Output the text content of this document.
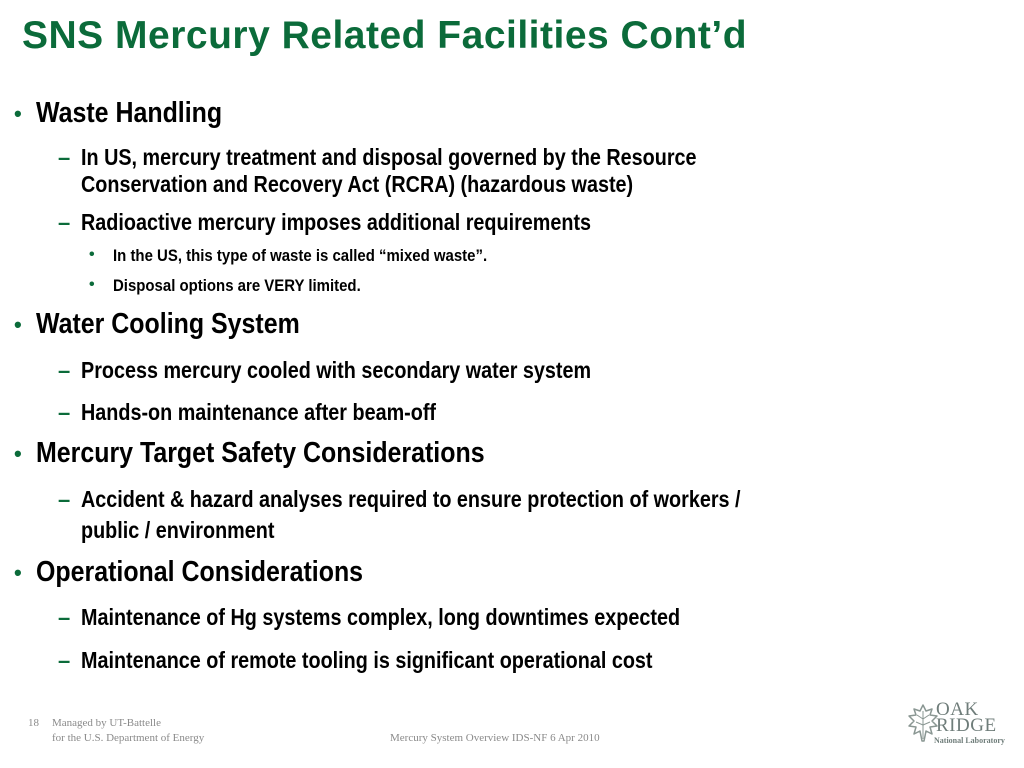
SNS Mercury Related Facilities Cont’d
• Waste Handling
– In US, mercury treatment and disposal governed by the Resource
Conservation and Recovery Act (RCRA) (hazardous waste)
– Radioactive mercury imposes additional requirements
• In the US, this type of waste is called “mixed waste”.
• Disposal options are VERY limited.
• Water Cooling System
– Process mercury cooled with secondary water system
– Hands-on maintenance after beam-off
• Mercury Target Safety Considerations
– Accident & hazard analyses required to ensure protection of workers /
public / environment
• Operational Considerations
– Maintenance of Hg systems complex, long downtimes expected
– Maintenance of remote tooling is significant operational cost
18 Managed by UT-Battelle
for the U.S. Department of Energy	Mercury System Overview IDS-NF 6 Apr 2010
OAK
RIDGE
National Laboratory
